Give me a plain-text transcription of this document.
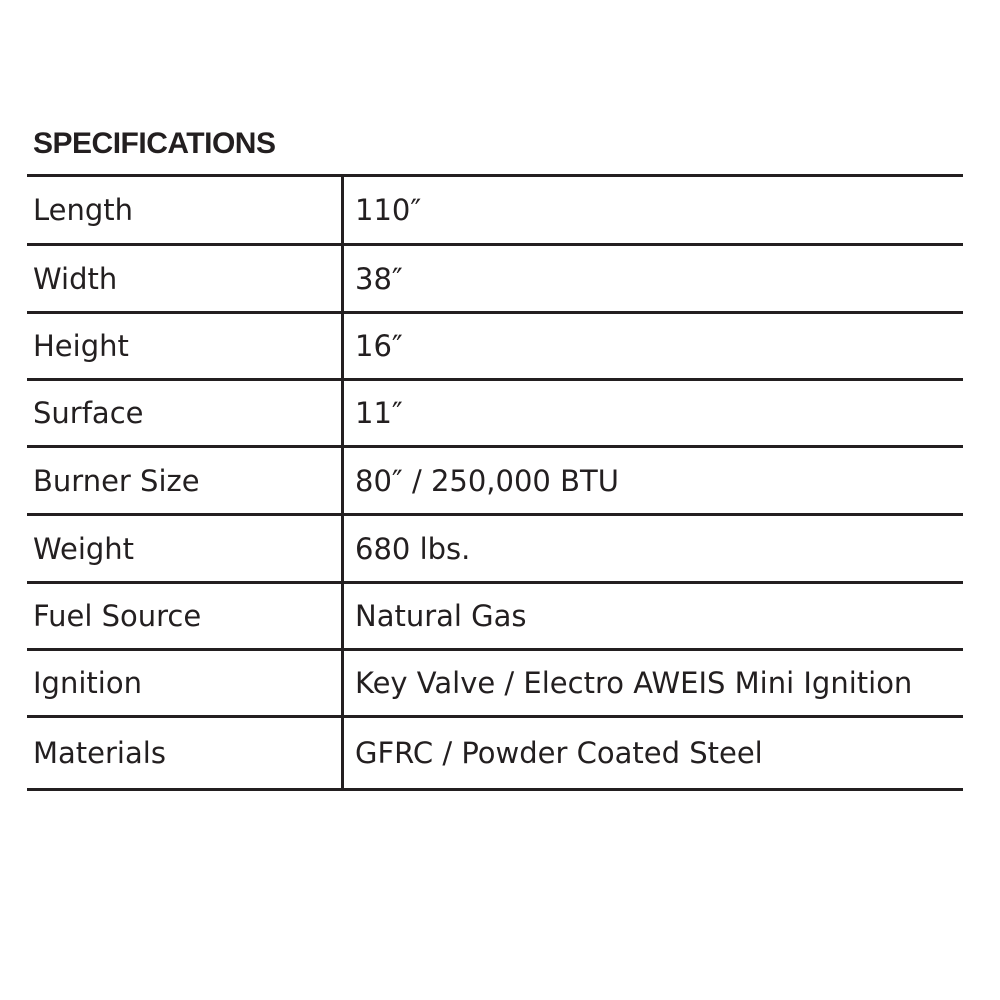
SPECIFICATIONS
Length	110″
Width	38″
Height	16″
Surface	11″
Burner Size	80″ / 250,000 BTU
Weight	680 lbs.
Fuel Source	Natural Gas
Ignition	Key Valve / Electro AWEIS Mini Ignition
Materials	GFRC / Powder Coated Steel
